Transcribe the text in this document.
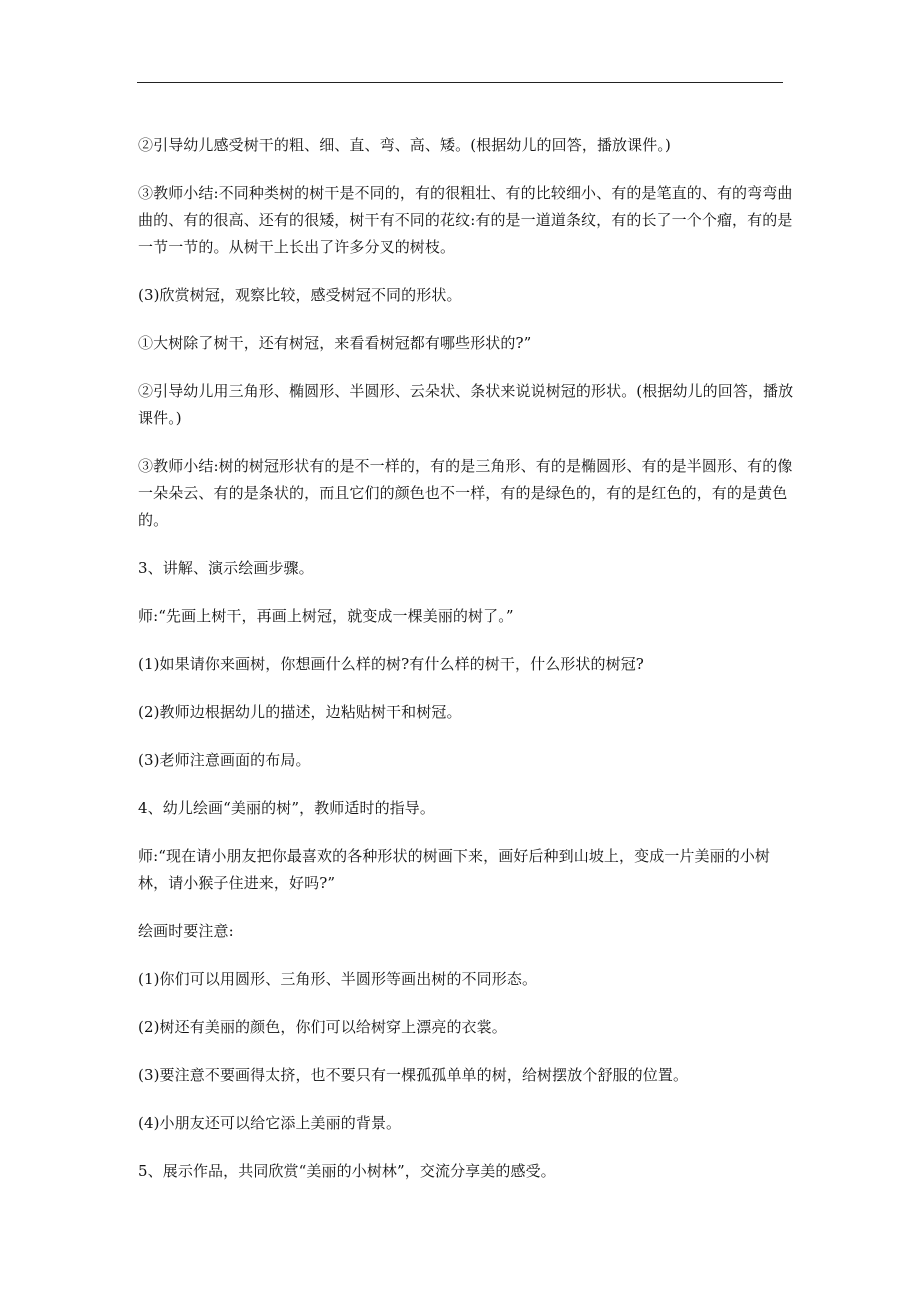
②引导幼儿感受树干的粗、细、直、弯、高、矮。(根据幼儿的回答，播放课件。)

③教师小结:不同种类树的树干是不同的，有的很粗壮、有的比较细小、有的是笔直的、有的弯弯曲曲的、有的很高、还有的很矮，树干有不同的花纹:有的是一道道条纹，有的长了一个个瘤，有的是一节一节的。从树干上长出了许多分叉的树枝。

(3)欣赏树冠，观察比较，感受树冠不同的形状。

①大树除了树干，还有树冠，来看看树冠都有哪些形状的?”

②引导幼儿用三角形、椭圆形、半圆形、云朵状、条状来说说树冠的形状。(根据幼儿的回答，播放课件。)

③教师小结:树的树冠形状有的是不一样的，有的是三角形、有的是椭圆形、有的是半圆形、有的像一朵朵云、有的是条状的，而且它们的颜色也不一样，有的是绿色的，有的是红色的，有的是黄色的。

3、讲解、演示绘画步骤。

师:“先画上树干，再画上树冠，就变成一棵美丽的树了。”

(1)如果请你来画树，你想画什么样的树?有什么样的树干，什么形状的树冠?

(2)教师边根据幼儿的描述，边粘贴树干和树冠。

(3)老师注意画面的布局。

4、幼儿绘画“美丽的树”，教师适时的指导。

师:“现在请小朋友把你最喜欢的各种形状的树画下来，画好后种到山坡上，变成一片美丽的小树林，请小猴子住进来，好吗?”

绘画时要注意:

(1)你们可以用圆形、三角形、半圆形等画出树的不同形态。

(2)树还有美丽的颜色，你们可以给树穿上漂亮的衣裳。

(3)要注意不要画得太挤，也不要只有一棵孤孤单单的树，给树摆放个舒服的位置。

(4)小朋友还可以给它添上美丽的背景。

5、展示作品，共同欣赏“美丽的小树林”，交流分享美的感受。
